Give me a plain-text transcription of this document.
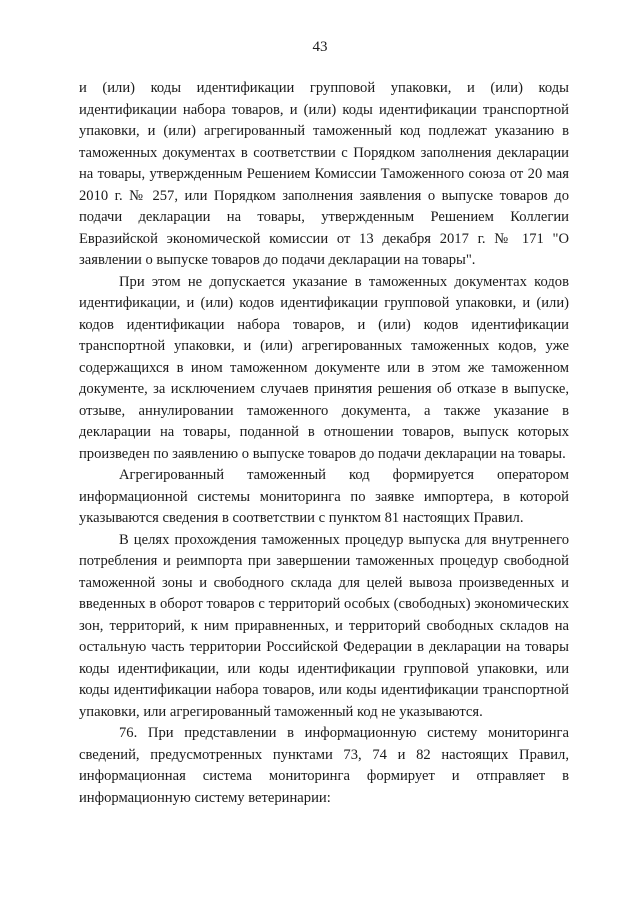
43

и (или) коды идентификации групповой упаковки, и (или) коды идентификации набора товаров, и (или) коды идентификации транспортной упаковки, и (или) агрегированный таможенный код подлежат указанию в таможенных документах в соответствии с Порядком заполнения декларации на товары, утвержденным Решением Комиссии Таможенного союза от 20 мая 2010 г. № 257, или Порядком заполнения заявления о выпуске товаров до подачи декларации на товары, утвержденным Решением Коллегии Евразийской экономической комиссии от 13 декабря 2017 г. № 171 "О заявлении о выпуске товаров до подачи декларации на товары".

При этом не допускается указание в таможенных документах кодов идентификации, и (или) кодов идентификации групповой упаковки, и (или) кодов идентификации набора товаров, и (или) кодов идентификации транспортной упаковки, и (или) агрегированных таможенных кодов, уже содержащихся в ином таможенном документе или в этом же таможенном документе, за исключением случаев принятия решения об отказе в выпуске, отзыве, аннулировании таможенного документа, а также указание в декларации на товары, поданной в отношении товаров, выпуск которых произведен по заявлению о выпуске товаров до подачи декларации на товары.

Агрегированный таможенный код формируется оператором информационной системы мониторинга по заявке импортера, в которой указываются сведения в соответствии с пунктом 81 настоящих Правил.

В целях прохождения таможенных процедур выпуска для внутреннего потребления и реимпорта при завершении таможенных процедур свободной таможенной зоны и свободного склада для целей вывоза произведенных и введенных в оборот товаров с территорий особых (свободных) экономических зон, территорий, к ним приравненных, и территорий свободных складов на остальную часть территории Российской Федерации в декларации на товары коды идентификации, или коды идентификации групповой упаковки, или коды идентификации набора товаров, или коды идентификации транспортной упаковки, или агрегированный таможенный код не указываются.

76. При представлении в информационную систему мониторинга сведений, предусмотренных пунктами 73, 74 и 82 настоящих Правил, информационная система мониторинга формирует и отправляет в информационную систему ветеринарии:
